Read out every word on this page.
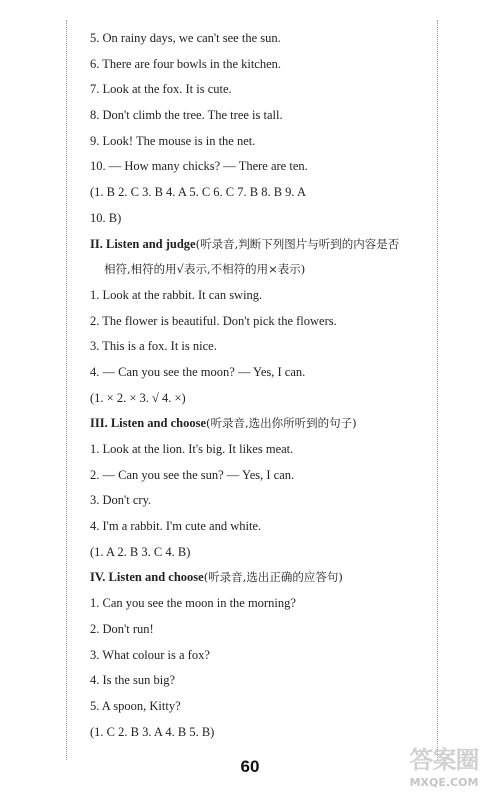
5. On rainy days, we can't see the sun.
6. There are four bowls in the kitchen.
7. Look at the fox. It is cute.
8. Don't climb the tree. The tree is tall.
9. Look! The mouse is in the net.
10. — How many chicks? — There are ten.
(1. B 2. C 3. B 4. A 5. C 6. C 7. B 8. B 9. A
10. B)
II. Listen and judge(听录音,判断下列图片与听到的内容是否
相符,相符的用√表示,不相符的用×表示)
1. Look at the rabbit. It can swing.
2. The flower is beautiful. Don't pick the flowers.
3. This is a fox. It is nice.
4. — Can you see the moon? — Yes, I can.
(1. × 2. × 3. √ 4. ×)
III. Listen and choose(听录音,选出你所听到的句子)
1. Look at the lion. It's big. It likes meat.
2. — Can you see the sun? — Yes, I can.
3. Don't cry.
4. I'm a rabbit. I'm cute and white.
(1. A 2. B 3. C 4. B)
IV. Listen and choose(听录音,选出正确的应答句)
1. Can you see the moon in the morning?
2. Don't run!
3. What colour is a fox?
4. Is the sun big?
5. A spoon, Kitty?
(1. C 2. B 3. A 4. B 5. B)
60	答案圈
MXQE.COM
